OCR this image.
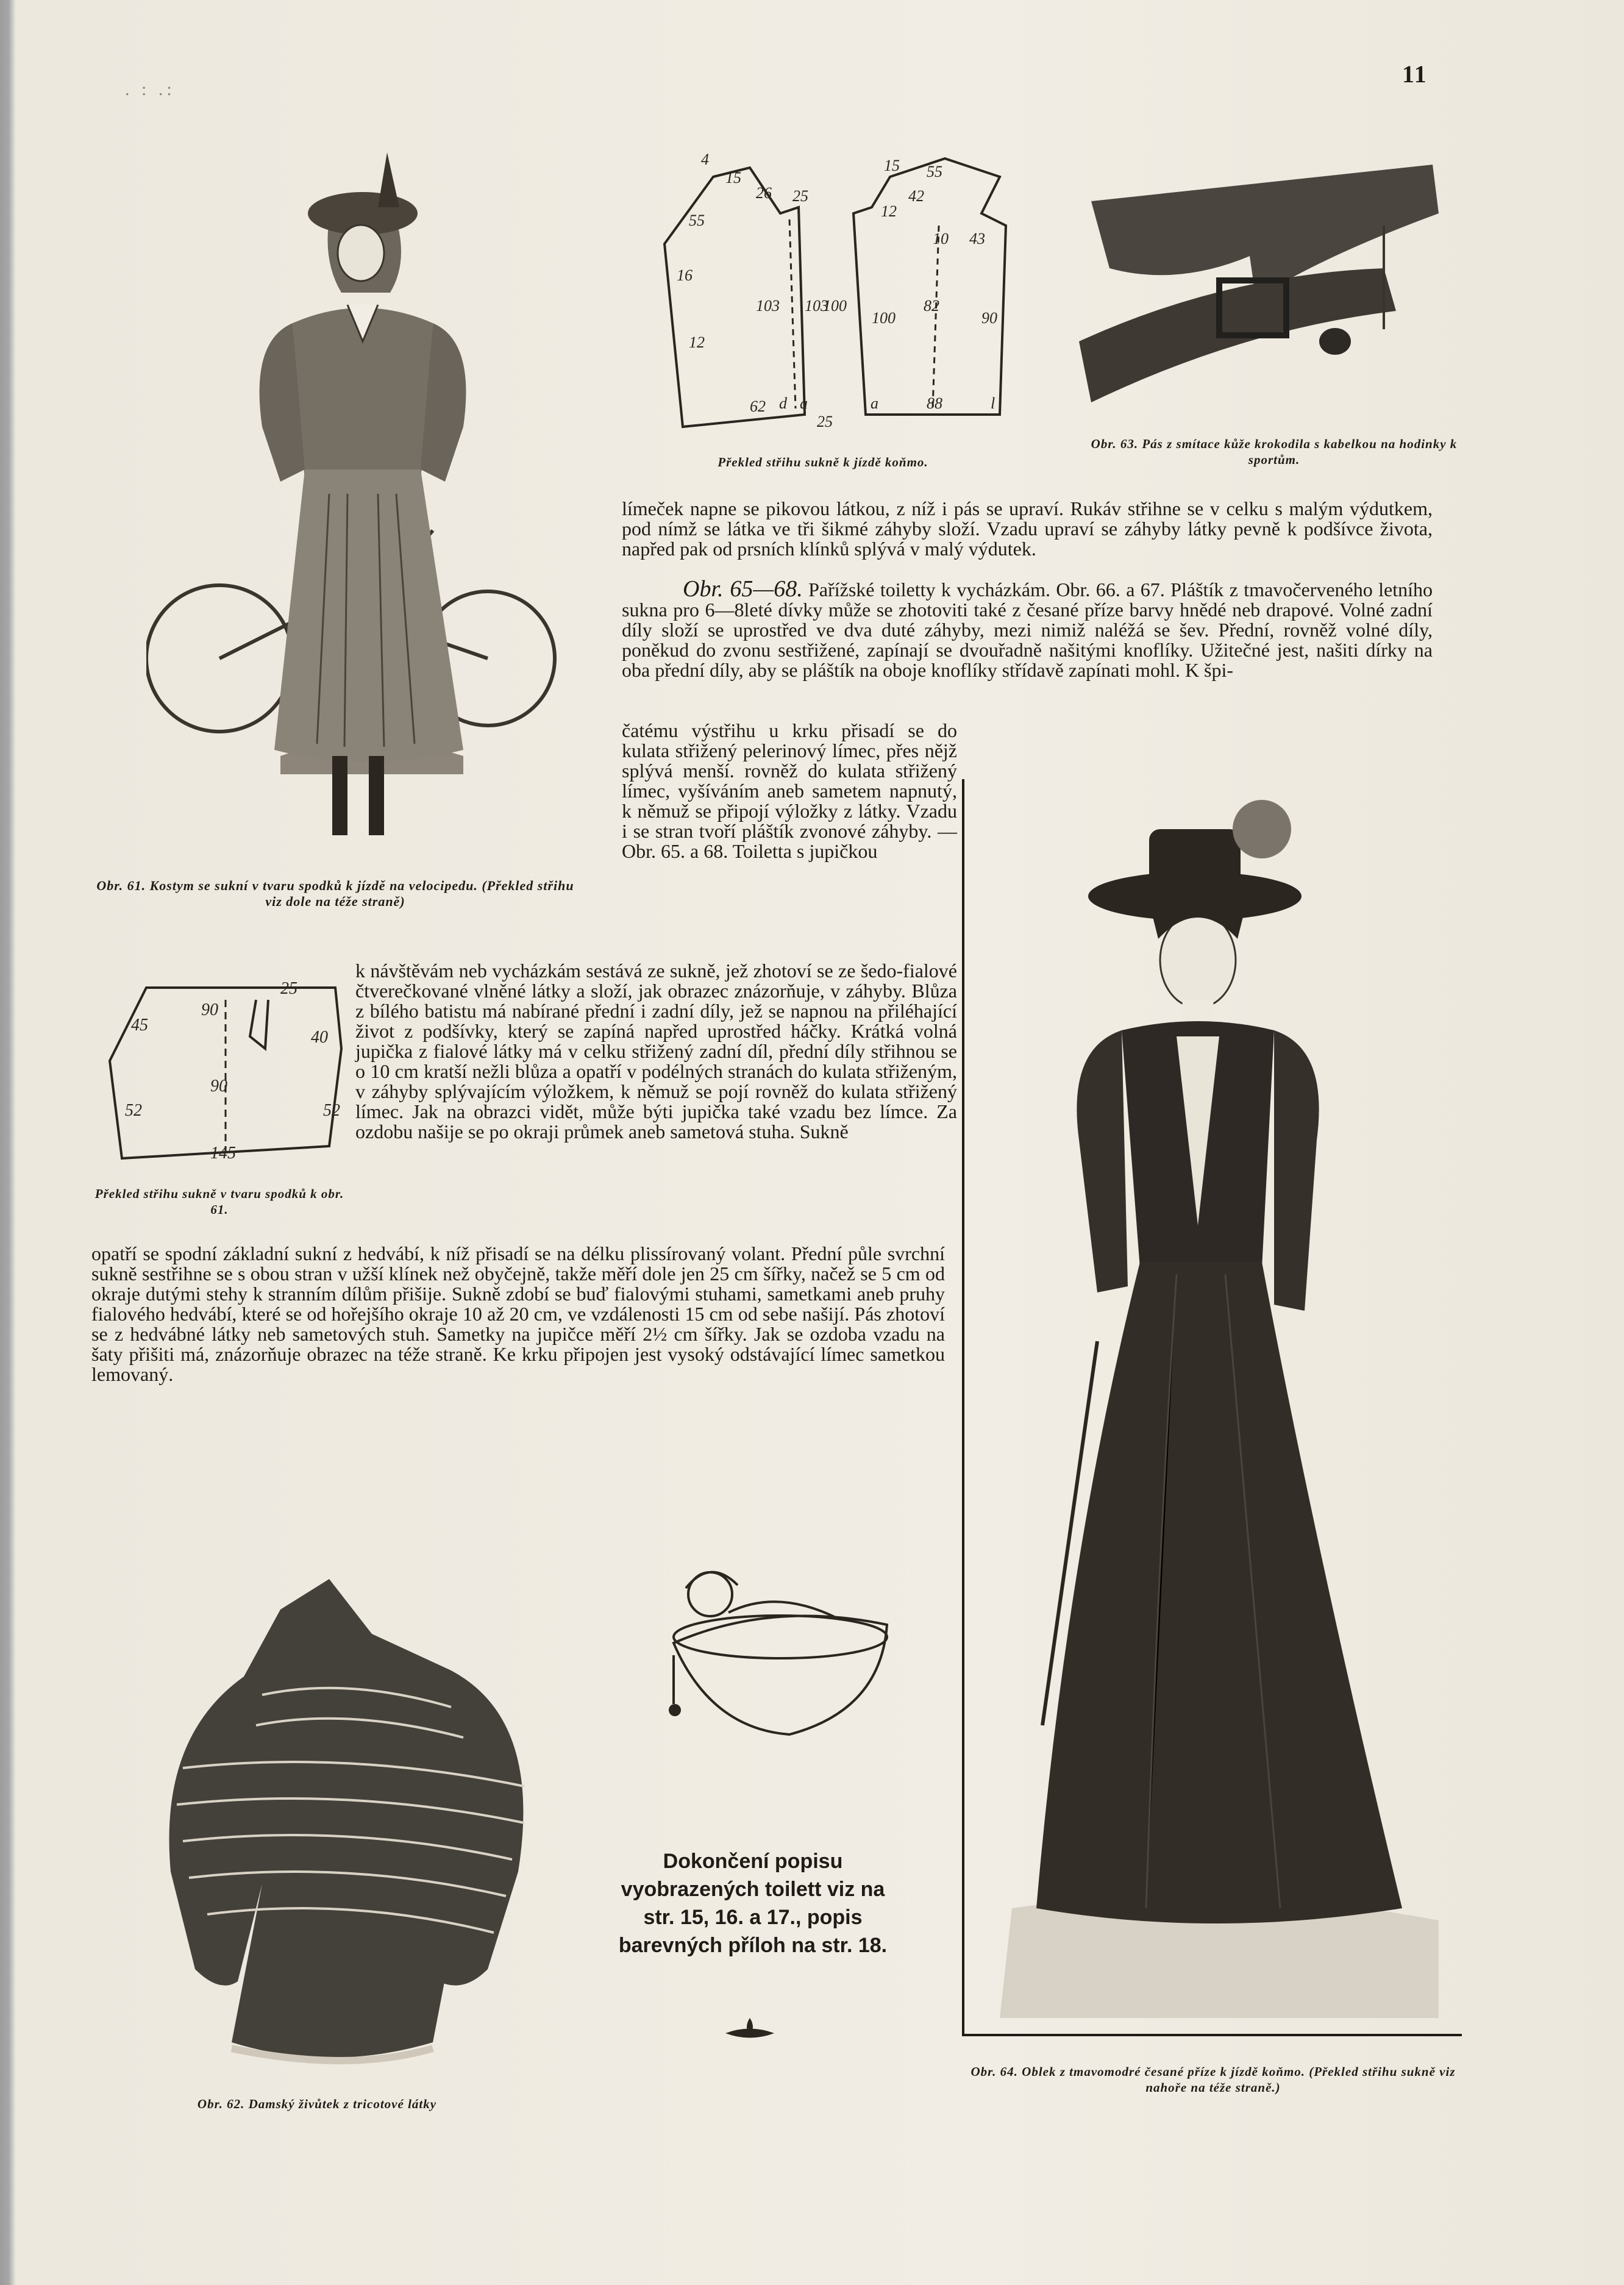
. : .:
11
Obr. 61. Kostym se sukní v tvaru spodků k jízdě na velocipedu. (Překled střihu viz dole na téže straně)
4
15
55
26 25
16
12
103 103
100
62 d a
25
15 55
12
42
10 43
100
82
90
a	88	l
Překled střihu sukně k jízdě koňmo.
Obr. 63. Pás z smítace kůže krokodila s kabelkou na hodinky k sportům.
límeček napne se pikovou látkou, z níž i pás se upraví. Rukáv střihne se v celku s malým výdutkem, pod nímž se látka ve tři šikmé záhyby složí. Vzadu upraví se záhyby látky pevně k podšívce života, napřed pak od prsních klínků splývá v malý výdutek.
Obr. 65—68. Pařížské toiletty k vycházkám. Obr. 66. a 67. Pláštík z tmavočerveného letního sukna pro 6—8leté dívky může se zhotoviti také z česané příze barvy hnědé neb drapové. Volné zadní díly složí se uprostřed ve dva duté záhyby, mezi nimiž naléžá se šev. Přední, rovněž volné díly, poněkud do zvonu sestřižené, zapínají se dvouřadně našitými knoflíky. Užitečné jest, našiti dírky na oba přední díly, aby se pláštík na oboje knoflíky střídavě zapínati mohl. K špi-
čatému výstřihu u krku přisadí se do kulata střižený pelerinový límec, přes nějž splývá menší. rovněž do kulata střižený límec, vyšíváním aneb sametem napnutý, k němuž se připojí výložky z látky. Vzadu i se stran tvoří pláštík zvonové záhyby. — Obr. 65. a 68. Toiletta s jupičkou
k návštěvám neb vycházkám sestává ze sukně, jež zhotoví se ze šedo-fialové čtverečkované vlněné látky a složí, jak obrazec znázorňuje, v záhyby. Blůza z bílého batistu má nabírané přední i zadní díly, jež se napnou na přiléhající život z podšívky, který se zapíná napřed uprostřed háčky. Krátká volná jupička z fialové látky má v celku střižený zadní díl, přední díly střihnou se o 10 cm kratší nežli blůza a opatří v podélných stranách do kulata střiženým, v záhyby splývajícím výložkem, k němuž se pojí rovněž do kulata střižený límec. Jak na obrazci vidět, může býti jupička také vzadu bez límce. Za ozdobu našije se po okraji průmek aneb sametová stuha. Sukně
opatří se spodní základní sukní z hedvábí, k níž přisadí se na délku plissírovaný volant. Přední půle svrchní sukně sestřihne se s obou stran v užší klínek než obyčejně, takže měří dole jen 25 cm šířky, načež se 5 cm od okraje dutými stehy k stranním dílům přišije. Sukně zdobí se buď fialovými stuhami, sametkami aneb pruhy fialového hedvábí, které se od hořejšího okraje 10 až 20 cm, ve vzdálenosti 15 cm od sebe našijí. Pás zhotoví se z hedvábné látky neb sametových stuh. Sametky na jupičce měří 2½ cm šířky. Jak se ozdoba vzadu na šaty přišiti má, znázorňuje obrazec na téže straně. Ke krku připojen jest vysoký odstávající límec sametkou lemovaný.
90
25
45
40
90
52	52
145
Překled střihu sukně v tvaru spodků k obr. 61.
Obr. 64. Oblek z tmavomodré česané příze k jízdě koňmo. (Překled střihu sukně viz nahoře na téže straně.)
Obr. 62. Damský živůtek z tricotové látky
Dokončení popisu vyobrazených toilett viz na str. 15, 16. a 17., popis barevných příloh na str. 18.
